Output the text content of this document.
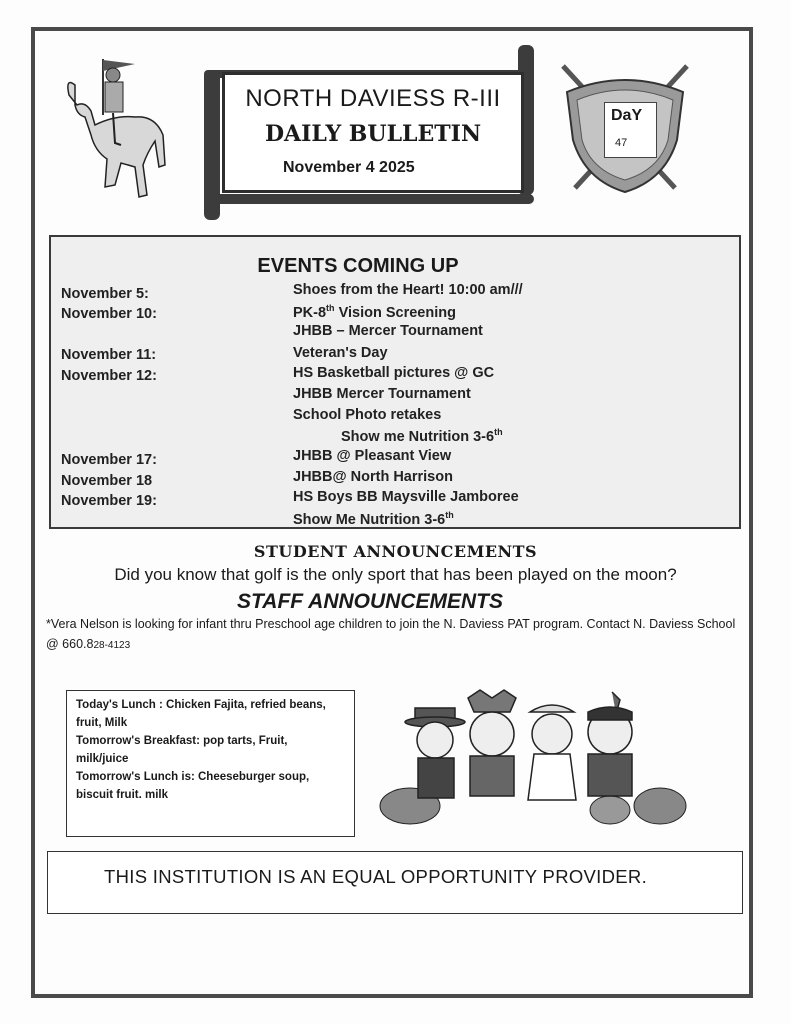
NORTH DAVIESS R-III
DAILY BULLETIN
November 4 2025
DaY
47
EVENTS COMING UP
November 5:	Shoes from the Heart! 10:00 am///
November 10:	PK-8th Vision Screening
JHBB – Mercer Tournament
November 11:	Veteran's Day
November 12:	HS Basketball pictures @ GC
JHBB Mercer Tournament
School Photo retakes
Show me Nutrition 3-6th
November 17:	JHBB @ Pleasant View
November 18	JHBB@ North Harrison
November 19:	HS Boys BB Maysville Jamboree
Show Me Nutrition 3-6th
STUDENT ANNOUNCEMENTS
Did you know that golf is the only sport that has been played on the moon?
STAFF ANNOUNCEMENTS
*Vera Nelson is looking for infant thru Preschool age children to join the N. Daviess PAT program. Contact N. Daviess School @ 660.828-4123
Today's Lunch : Chicken Fajita, refried beans,
fruit, Milk
Tomorrow's Breakfast: pop tarts, Fruit,
milk/juice
Tomorrow's Lunch is: Cheeseburger soup,
biscuit fruit. milk
THIS INSTITUTION IS AN EQUAL OPPORTUNITY PROVIDER.
